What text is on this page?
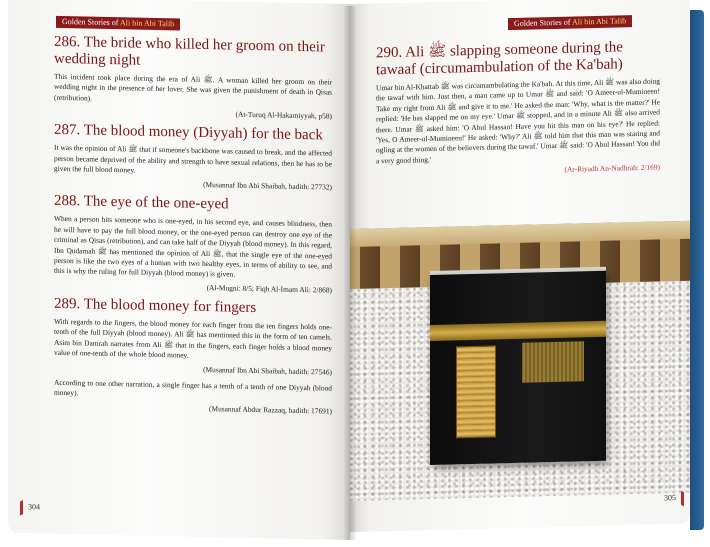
Golden Stories of Ali bin Abi Talib
286. The bride who killed her groom on their wedding night

This incident took place during the era of Ali ﷺ. A woman killed her groom on their wedding night in the presence of her lover. She was given the punishment of death in Qisas (retribution).

(At-Turuq Al-Hakamiyyah, p58)
287. The blood money (Diyyah) for the back

It was the opinion of Ali ﷺ that if someone's backbone was caused to break, and the affected person became deprived of the ability and strength to have sexual relations, then he has to be given the full blood money.

(Musannaf Ibn Abi Shaibah, hadith: 27732)
288. The eye of the one-eyed

When a person hits someone who is one-eyed, in his second eye, and causes blindness, then he will have to pay the full blood money, or the one-eyed person can destroy one eye of the criminal as Qisas (retribution), and can take half of the Diyyah (blood money). In this regard, Ibn Qudamah ﷺ has mentioned the opinion of Ali ﷺ, that the single eye of the one-eyed person is like the two eyes of a human with two healthy eyes, in terms of ability to see, and this is why the ruling for full Diyyah (blood money) is given.

(Al-Mugni: 8/5; Fiqh Al-Imam Ali: 2/868)
289. The blood money for fingers

With regards to the fingers, the blood money for each finger from the ten fingers holds one-tenth of the full Diyyah (blood money). Ali ﷺ has mentioned this in the form of ten camels. Asim bin Damrah narrates from Ali ﷺ that in the fingers, each finger holds a blood money value of one-tenth of the whole blood money.

(Musannaf Ibn Abi Shaibah, hadith: 27546)

According to one other narration, a single finger has a tenth of a tenth of one Diyyah (blood money).

(Musannaf Abdur Razzaq, hadith: 17691)
304
Golden Stories of Ali bin Abi Talib
290. Ali ﷺ slapping someone during the tawaaf (circumambulation of the Ka'bah)

Umar bin Al-Khattab ﷺ was circumambulating the Ka'bah. At this time, Ali ﷺ was also doing the tawaf with him. Just then, a man came up to Umar ﷺ and said: 'O Ameer-ul-Mumineen! Take my right from Ali ﷺ and give it to me.' He asked the man: 'Why, what is the matter?' He replied: 'He has slapped me on my eye.' Umar ﷺ stopped, and in a minute Ali ﷺ also arrived there. Umar ﷺ asked him: 'O Abul Hassan! Have you hit this man on his eye?' He replied: 'Yes, O Ameer-ul-Mumineen!' He asked: 'Why?' Ali ﷺ told him that this man was staring and ogling at the women of the believers during the tawaf.' Umar ﷺ said: 'O Abul Hassan! You did a very good thing.'

(Ar-Riyadh An-Nadhrah: 2/169)
305
